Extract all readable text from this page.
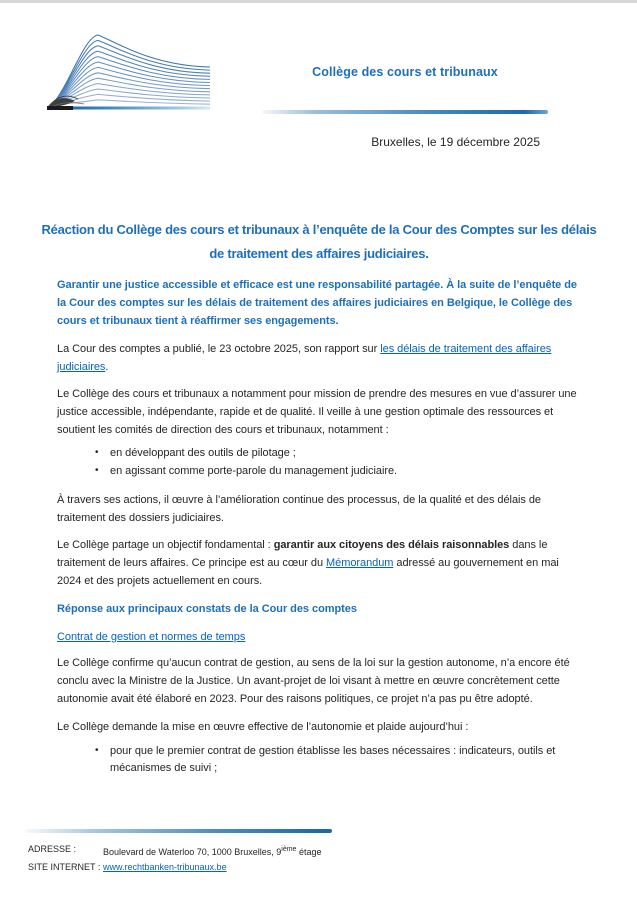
Collège des cours et tribunaux
Bruxelles, le 19 décembre 2025
Réaction du Collège des cours et tribunaux à l’enquête de la Cour des Comptes sur les délais de traitement des affaires judiciaires.

Garantir une justice accessible et efficace est une responsabilité partagée. À la suite de l’enquête de la Cour des comptes sur les délais de traitement des affaires judiciaires en Belgique, le Collège des cours et tribunaux tient à réaffirmer ses engagements.

La Cour des comptes a publié, le 23 octobre 2025, son rapport sur les délais de traitement des affaires judiciaires.

Le Collège des cours et tribunaux a notamment pour mission de prendre des mesures en vue d’assurer une justice accessible, indépendante, rapide et de qualité. Il veille à une gestion optimale des ressources et soutient les comités de direction des cours et tribunaux, notamment :

•	en développant des outils de pilotage ;
•	en agissant comme porte-parole du management judiciaire.

À travers ses actions, il œuvre à l’amélioration continue des processus, de la qualité et des délais de traitement des dossiers judiciaires.

Le Collège partage un objectif fondamental : garantir aux citoyens des délais raisonnables dans le traitement de leurs affaires. Ce principe est au cœur du Mémorandum adressé au gouvernement en mai 2024 et des projets actuellement en cours.

Réponse aux principaux constats de la Cour des comptes

Contrat de gestion et normes de temps

Le Collège confirme qu’aucun contrat de gestion, au sens de la loi sur la gestion autonome, n’a encore été conclu avec la Ministre de la Justice. Un avant-projet de loi visant à mettre en œuvre concrètement cette autonomie avait été élaboré en 2023. Pour des raisons politiques, ce projet n’a pas pu être adopté.

Le Collège demande la mise en œuvre effective de l’autonomie et plaide aujourd’hui :

•	pour que le premier contrat de gestion établisse les bases nécessaires : indicateurs, outils et mécanismes de suivi ;
ADRESSE :	Boulevard de Waterloo 70, 1000 Bruxelles, 9ième étage
SITE INTERNET : www.rechtbanken-tribunaux.be
